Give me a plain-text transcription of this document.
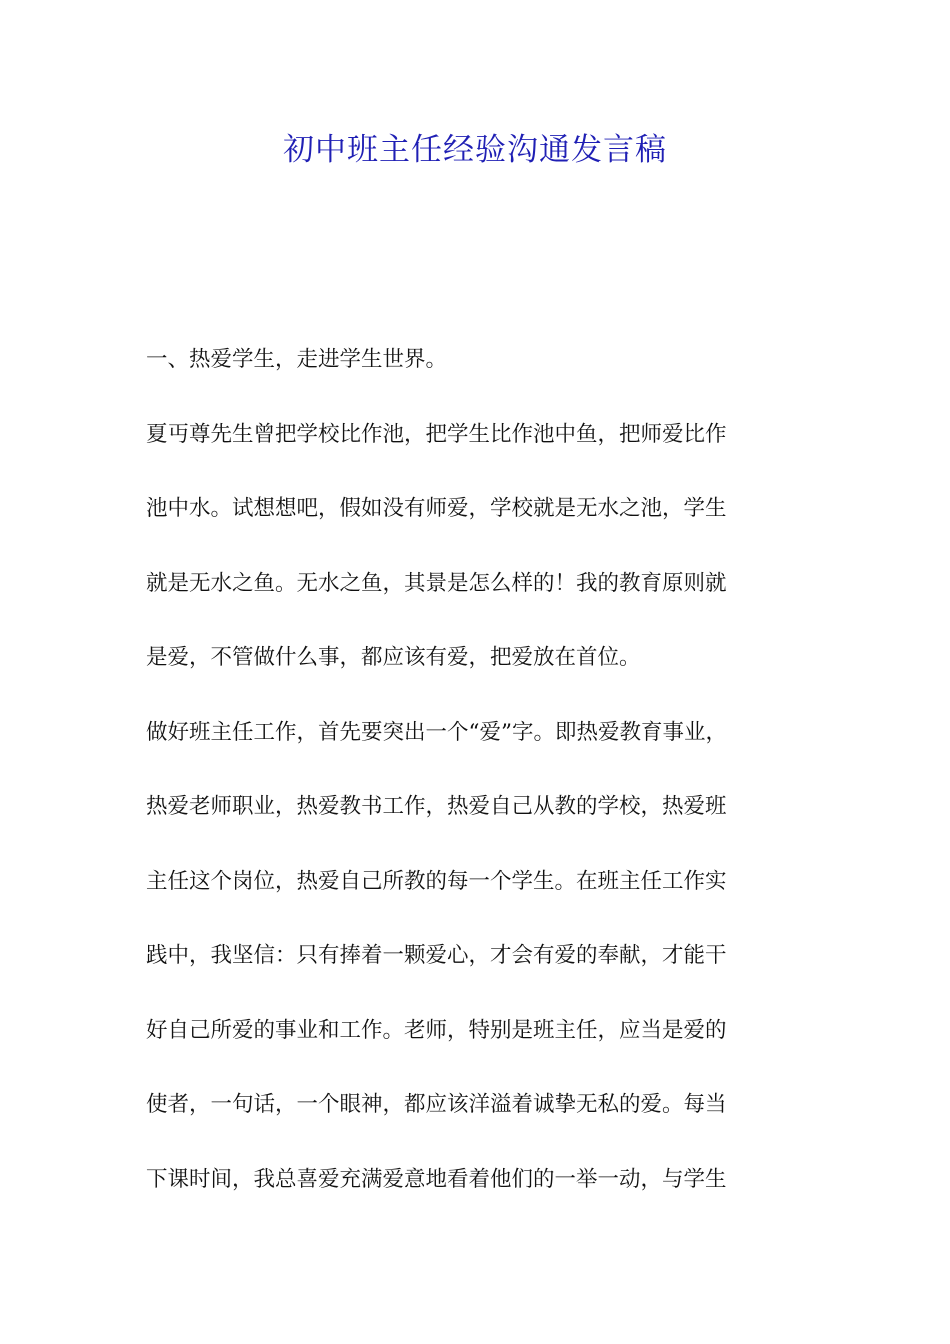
初中班主任经验沟通发言稿
一、热爱学生，走进学生世界。
夏丏尊先生曾把学校比作池，把学生比作池中鱼，把师爱比作
池中水。试想想吧，假如没有师爱，学校就是无水之池，学生
就是无水之鱼。无水之鱼，其景是怎么样的！我的教育原则就
是爱，不管做什么事，都应该有爱，把爱放在首位。
做好班主任工作，首先要突出一个“爱”字。即热爱教育事业，
热爱老师职业，热爱教书工作，热爱自己从教的学校，热爱班
主任这个岗位，热爱自己所教的每一个学生。在班主任工作实
践中，我坚信：只有捧着一颗爱心，才会有爱的奉献，才能干
好自己所爱的事业和工作。老师，特别是班主任，应当是爱的
使者，一句话，一个眼神，都应该洋溢着诚挚无私的爱。每当
下课时间，我总喜爱充满爱意地看着他们的一举一动，与学生
